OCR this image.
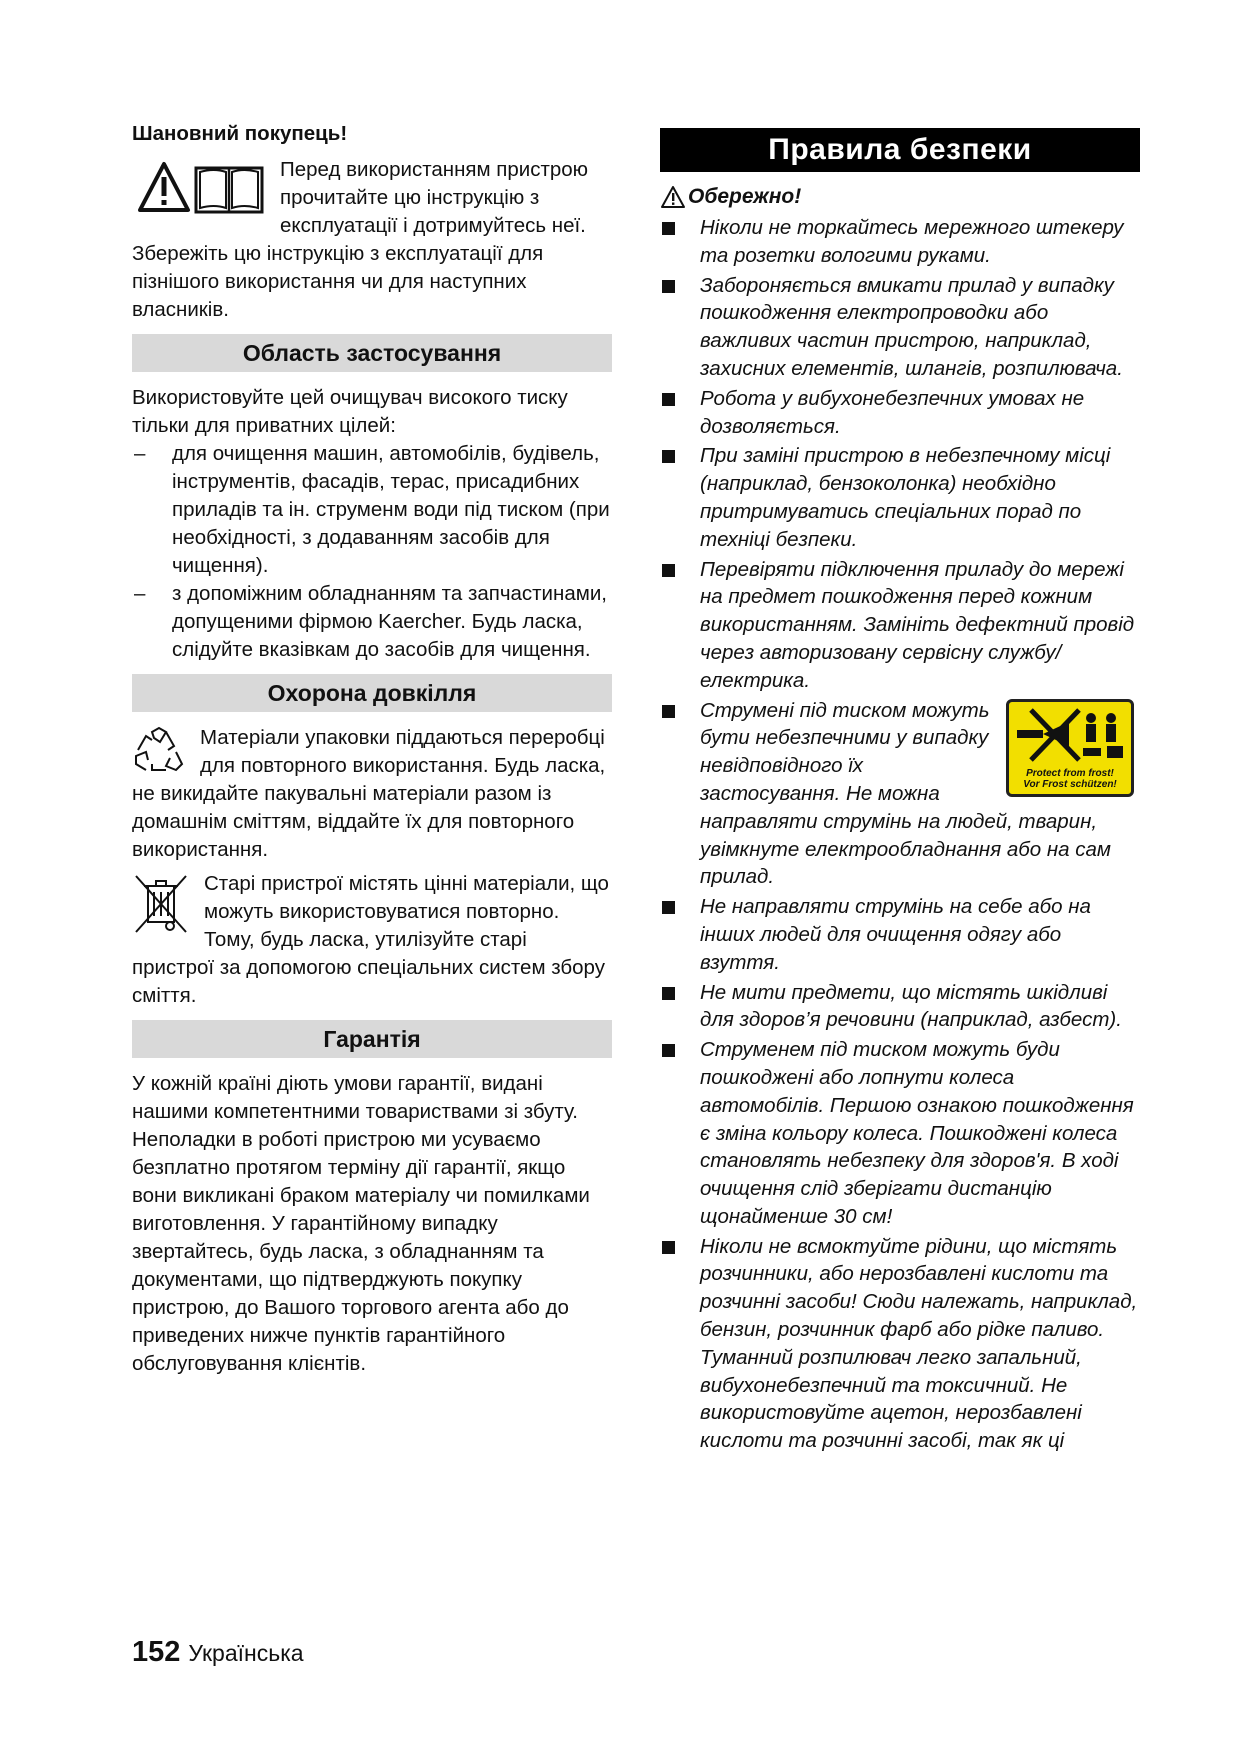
Шановний покупець!
Перед використанням пристрою прочитайте цю інструкцію з експлуатації і дотримуйтесь неї. Збережіть цю інструкцію з експлуатації для пізнішого використання чи для наступних власників.
Область застосування
Використовуйте цей очищувач високого тиску тільки для приватних цілей:
– для очищення машин, автомобілів, будівель, інструментів, фасадів, терас, присадибних приладів та ін. струменм води під тиском (при необхідності, з додаванням засобів для чищення).
– з допоміжним обладнанням та запчастинами, допущеними фірмою Kaercher. Будь ласка, слідуйте вказівкам до засобів для чищення.
Охорона довкілля
Матеріали упаковки піддаються переробці для повторного використання. Будь ласка, не викидайте пакувальні матеріали разом із домашнім сміттям, віддайте їх для повторного використання.
Старі пристрої містять цінні матеріали, що можуть використовуватися повторно. Тому, будь ласка, утилізуйте старі пристрої за допомогою спеціальних систем збору сміття.
Гарантія
У кожній країні діють умови гарантії, видані нашими компетентними товариствами зі збуту. Неполадки в роботі пристрою ми усуваємо безплатно протягом терміну дії гарантії, якщо вони викликані браком матеріалу чи помилками виготовлення. У гарантійному випадку звертайтесь, будь ласка, з обладнанням та документами, що підтверджують покупку пристрою, до Вашого торгового агента або до приведених нижче пунктів гарантійного обслуговування клієнтів.
Правила безпеки
Обережно!
Ніколи не торкайтесь мережного штекеру та розетки вологими руками.
Забороняється вмикати прилад у випадку пошкодження електропроводки або важливих частин пристрою, наприклад, захисних елементів, шлангів, розпилювача.
Робота у вибухонебезпечних умовах не дозволяється.
При заміні пристрою в небезпечному місці (наприклад, бензоколонка) необхідно притримуватись спеціальних порад по техніці безпеки.
Перевіряти підключення приладу до мережі на предмет пошкодження перед кожним використанням. Замініть дефектний провід через авторизовану сервісну службу/електрика.
Protect from frost!
Vor Frost schützen!
Струмені під тиском можуть бути небезпечними у випадку невідповідного їх застосування. Не можна направляти струмінь на людей, тварин, увімкнуте електрообладнання або на сам прилад.
Не направляти струмінь на себе або на інших людей для очищення одягу або взуття.
Не мити предмети, що містять шкідливі для здоров’я речовини (наприклад, азбест).
Струменем під тиском можуть буди пошкоджені або лопнути колеса автомобілів. Першою ознакою пошкодження є зміна кольору колеса. Пошкоджені колеса становлять небезпеку для здоров'я. В ході очищення слід зберігати дистанцію щонайменше 30 см!
Ніколи не всмоктуйте рідини, що містять розчинники, або нерозбавлені кислоти та розчинні засоби! Сюди належать, наприклад, бензин, розчинник фарб або рідке паливо. Туманний розпилювач легко запальний, вибухонебезпечний та токсичний. Не використовуйте ацетон, нерозбавлені кислоти та розчинні засобі, так як ці
152 Українська
